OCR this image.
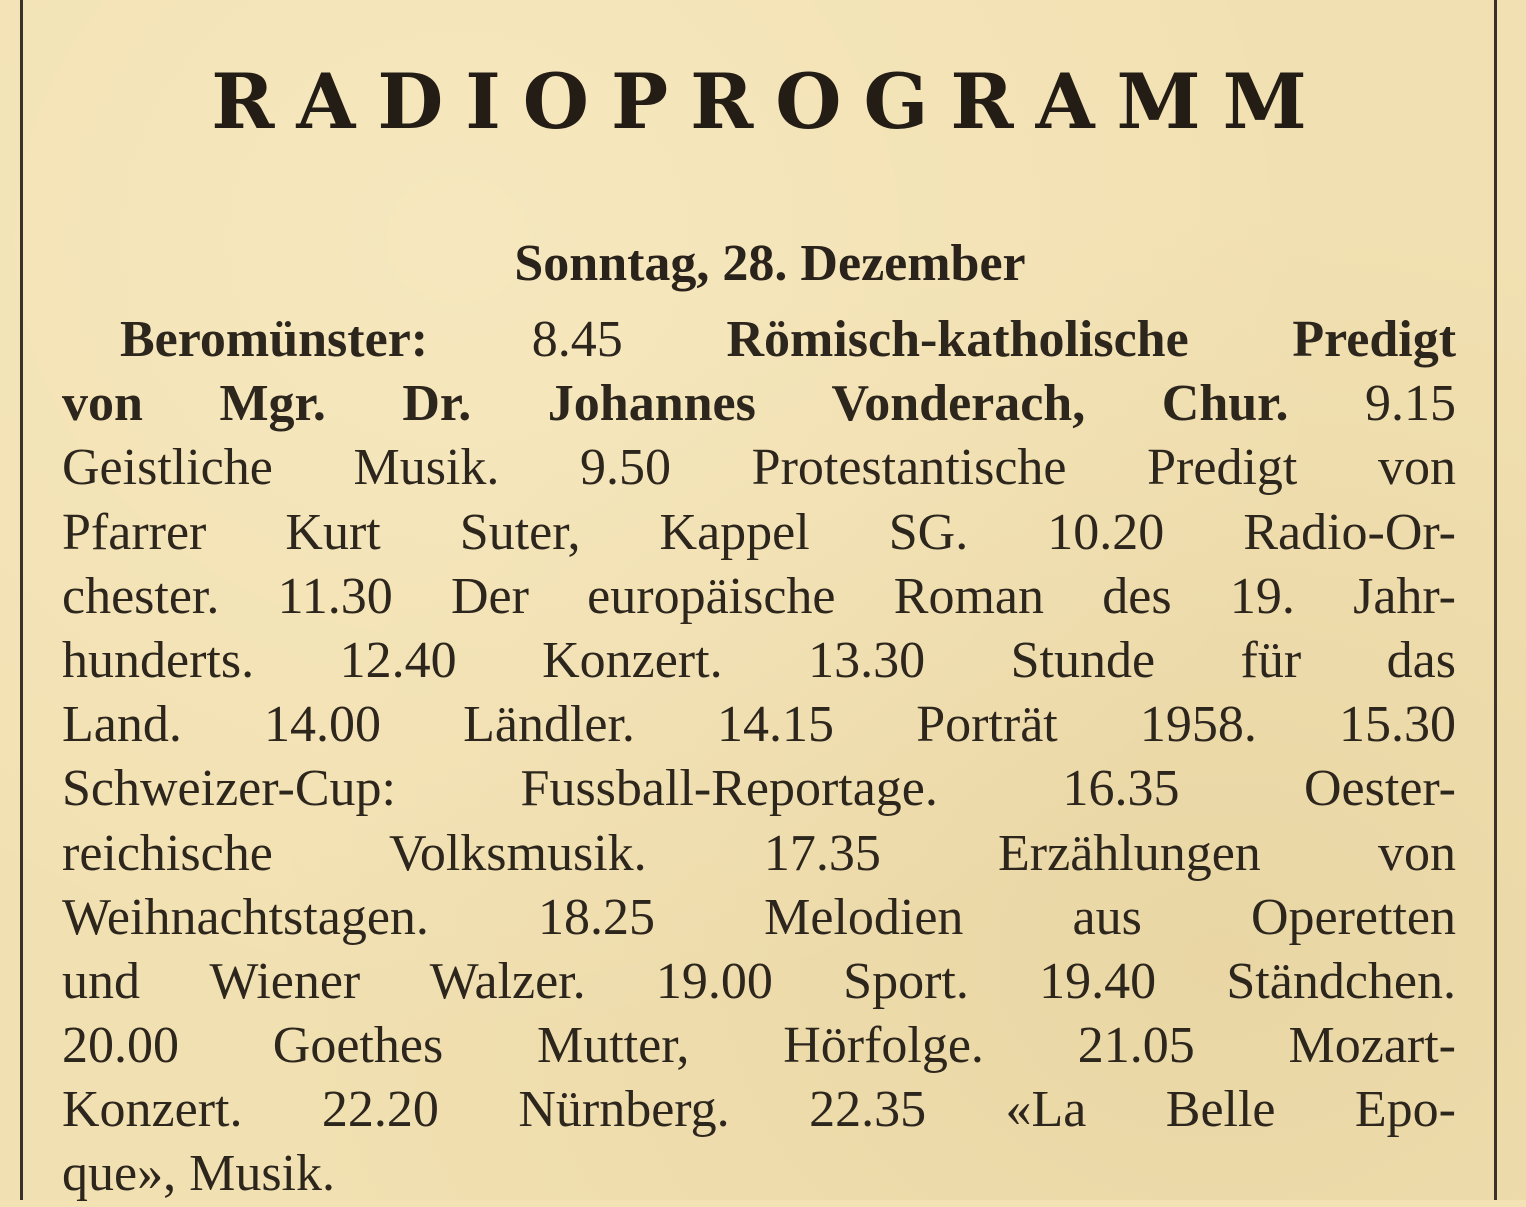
RADIOPROGRAMM
Sonntag, 28. Dezember
Beromünster: 8.45 Römisch-katholische Predigt
von Mgr. Dr. Johannes Vonderach, Chur. 9.15
Geistliche Musik. 9.50 Protestantische Predigt von
Pfarrer Kurt Suter, Kappel SG. 10.20 Radio-Or-
chester. 11.30 Der europäische Roman des 19. Jahr-
hunderts. 12.40 Konzert. 13.30 Stunde für das
Land. 14.00 Ländler. 14.15 Porträt 1958. 15.30
Schweizer-Cup: Fussball-Reportage. 16.35 Oester-
reichische Volksmusik. 17.35 Erzählungen von
Weihnachtstagen. 18.25 Melodien aus Operetten
und Wiener Walzer. 19.00 Sport. 19.40 Ständchen.
20.00 Goethes Mutter, Hörfolge. 21.05 Mozart-
Konzert. 22.20 Nürnberg. 22.35 «La Belle Epo-
que», Musik.
